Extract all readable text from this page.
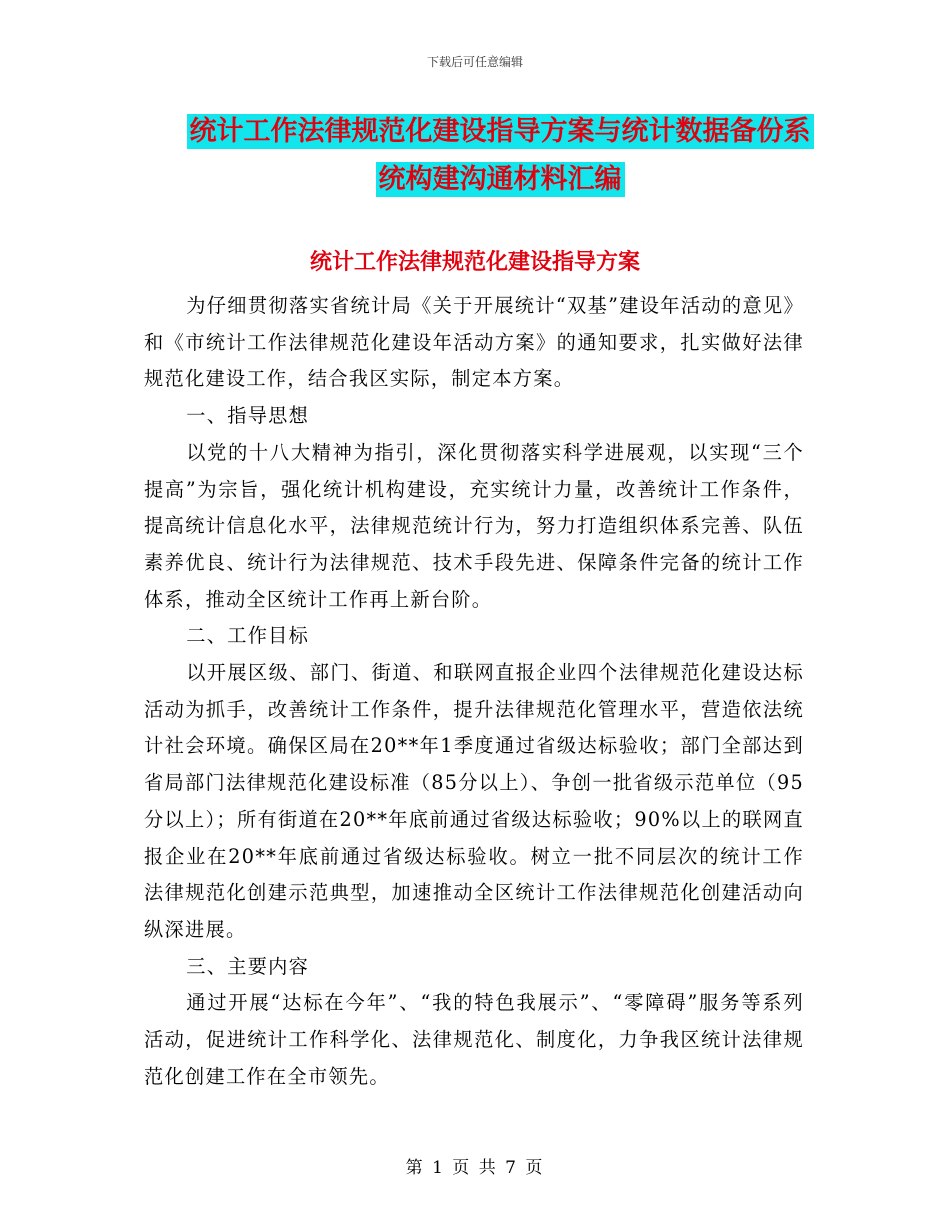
下载后可任意编辑
统计工作法律规范化建设指导方案与统计数据备份系
统构建沟通材料汇编
统计工作法律规范化建设指导方案

为仔细贯彻落实省统计局《关于开展统计“双基”建设年活动的意见》和《市统计工作法律规范化建设年活动方案》的通知要求，扎实做好法律规范化建设工作，结合我区实际，制定本方案。

一、指导思想

以党的十八大精神为指引，深化贯彻落实科学进展观，以实现“三个提高”为宗旨，强化统计机构建设，充实统计力量，改善统计工作条件，提高统计信息化水平，法律规范统计行为，努力打造组织体系完善、队伍素养优良、统计行为法律规范、技术手段先进、保障条件完备的统计工作体系，推动全区统计工作再上新台阶。

二、工作目标

以开展区级、部门、街道、和联网直报企业四个法律规范化建设达标活动为抓手，改善统计工作条件，提升法律规范化管理水平，营造依法统计社会环境。确保区局在20**年1季度通过省级达标验收；部门全部达到省局部门法律规范化建设标准（85分以上）、争创一批省级示范单位（95分以上）；所有街道在20**年底前通过省级达标验收；90%以上的联网直报企业在20**年底前通过省级达标验收。树立一批不同层次的统计工作法律规范化创建示范典型，加速推动全区统计工作法律规范化创建活动向纵深进展。

三、主要内容

通过开展“达标在今年”、“我的特色我展示”、“零障碍”服务等系列活动，促进统计工作科学化、法律规范化、制度化，力争我区统计法律规范化创建工作在全市领先。

第 1 页 共 7 页
